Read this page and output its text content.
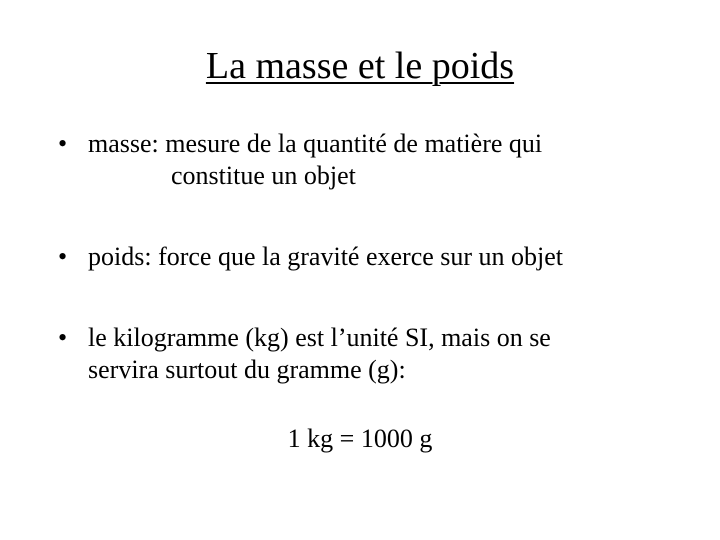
La masse et le poids
• masse: mesure de la quantité de matière qui
constitue un objet
• poids: force que la gravité exerce sur un objet
• le kilogramme (kg) est l’unité SI, mais on se
servira surtout du gramme (g):
1 kg = 1000 g
